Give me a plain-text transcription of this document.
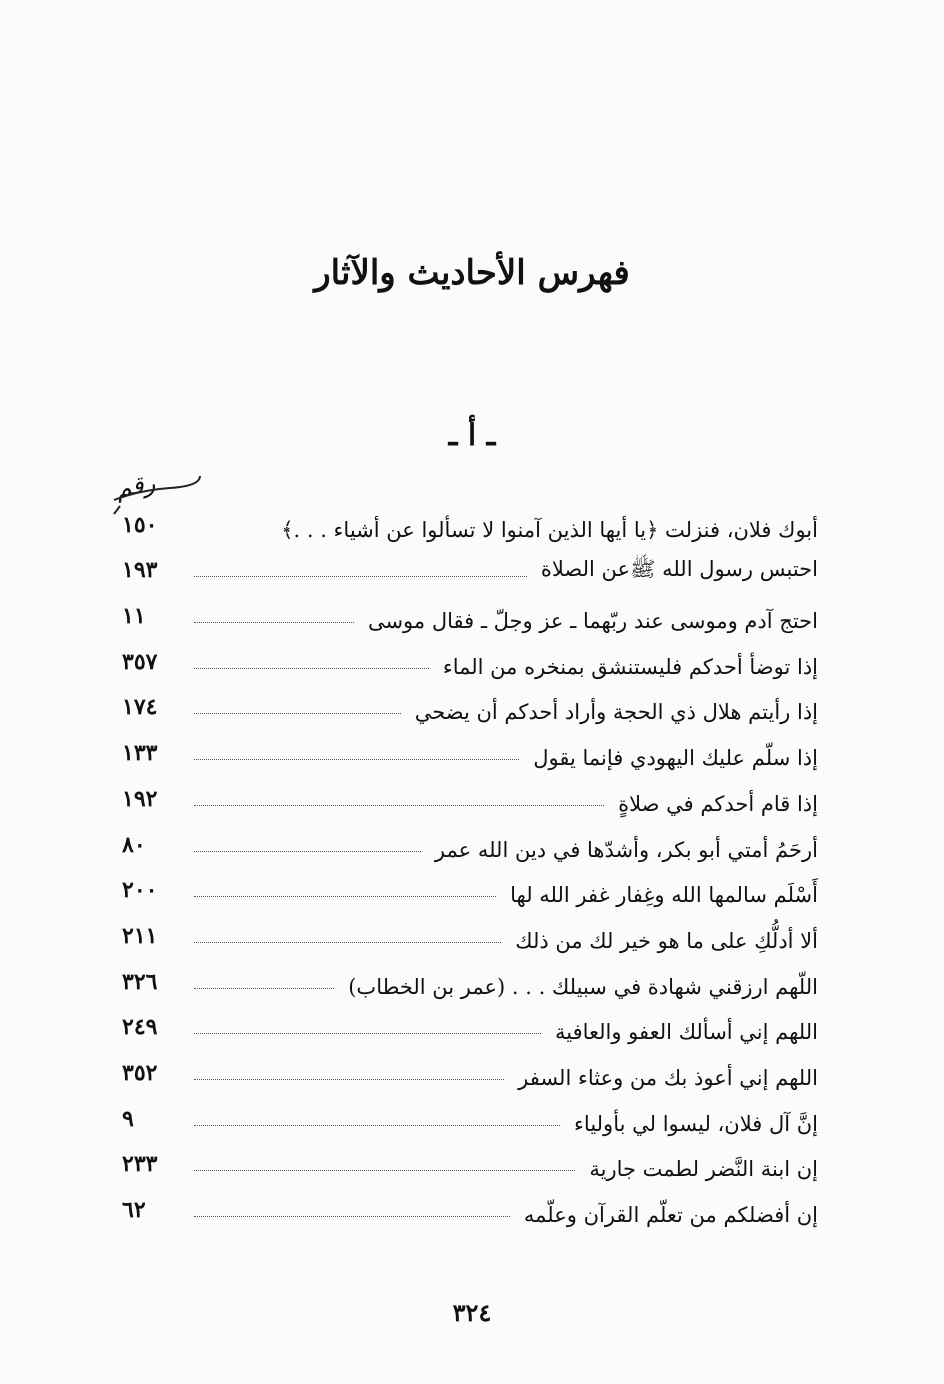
فهرس الأحاديث والآثار
ـ أ ـ
رقم
١٥٠	أبوك فلان، فنزلت ﴿يا أيها الذين آمنوا لا تسألوا عن أشياء . . .﴾
١٩٣	احتبس رسول الله ﷺعن الصلاة
١١	احتج آدم وموسى عند ربّهما ـ عز وجلّ ـ فقال موسى
٣٥٧	إذا توضأ أحدكم فليستنشق بمنخره من الماء
١٧٤	إذا رأيتم هلال ذي الحجة وأراد أحدكم أن يضحي
١٣٣	إذا سلّم عليك اليهودي فإنما يقول
١٩٢	إذا قام أحدكم في صلاةٍ
٨٠	أرحَمُ أمتي أبو بكر، وأشدّها في دين الله عمر
٢٠٠	أَسْلَم سالمها الله وغِفار غفر الله لها
٢١١	ألا أدلُّكِ على ما هو خير لك من ذلك
٣٢٦	اللّهم ارزقني شهادة في سبيلك . . . (عمر بن الخطاب)
٢٤٩	اللهم إني أسألك العفو والعافية
٣٥٢	اللهم إني أعوذ بك من وعثاء السفر
٩	إنَّ آل فلان، ليسوا لي بأولياء
٢٣٣	إن ابنة النَّضر لطمت جارية
٦٢	إن أفضلكم من تعلّم القرآن وعلّمه
٣٢٤
